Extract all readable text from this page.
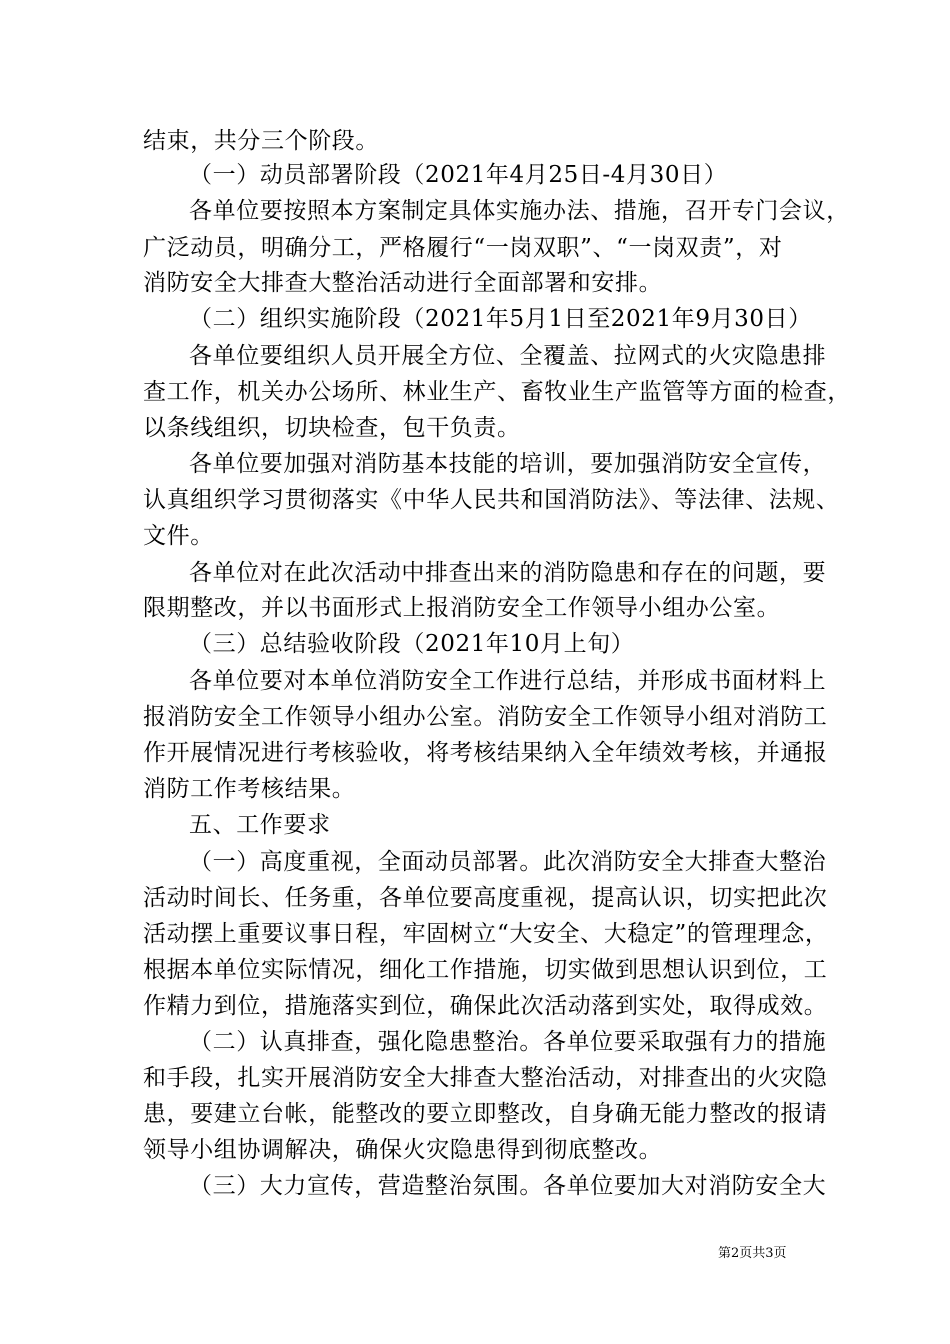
结束，共分三个阶段。
（一）动员部署阶段（2021年4月25日-4月30日）
各单位要按照本方案制定具体实施办法、措施，召开专门会议，
广泛动员，明确分工，严格履行“一岗双职”、“一岗双责”，对
消防安全大排查大整治活动进行全面部署和安排。
（二）组织实施阶段（2021年5月1日至2021年9月30日）
各单位要组织人员开展全方位、全覆盖、拉网式的火灾隐患排
查工作，机关办公场所、林业生产、畜牧业生产监管等方面的检查，
以条线组织，切块检查，包干负责。
各单位要加强对消防基本技能的培训，要加强消防安全宣传，
认真组织学习贯彻落实《中华人民共和国消防法》、等法律、法规、
文件。
各单位对在此次活动中排查出来的消防隐患和存在的问题，要
限期整改，并以书面形式上报消防安全工作领导小组办公室。
（三）总结验收阶段（2021年10月上旬）
各单位要对本单位消防安全工作进行总结，并形成书面材料上
报消防安全工作领导小组办公室。消防安全工作领导小组对消防工
作开展情况进行考核验收，将考核结果纳入全年绩效考核，并通报
消防工作考核结果。
五、工作要求
（一）高度重视，全面动员部署。此次消防安全大排查大整治
活动时间长、任务重，各单位要高度重视，提高认识，切实把此次
活动摆上重要议事日程，牢固树立“大安全、大稳定”的管理理念，
根据本单位实际情况，细化工作措施，切实做到思想认识到位，工
作精力到位，措施落实到位，确保此次活动落到实处，取得成效。
（二）认真排查，强化隐患整治。各单位要采取强有力的措施
和手段，扎实开展消防安全大排查大整治活动，对排查出的火灾隐
患，要建立台帐，能整改的要立即整改，自身确无能力整改的报请
领导小组协调解决，确保火灾隐患得到彻底整改。
（三）大力宣传，营造整治氛围。各单位要加大对消防安全大
第2页共3页
